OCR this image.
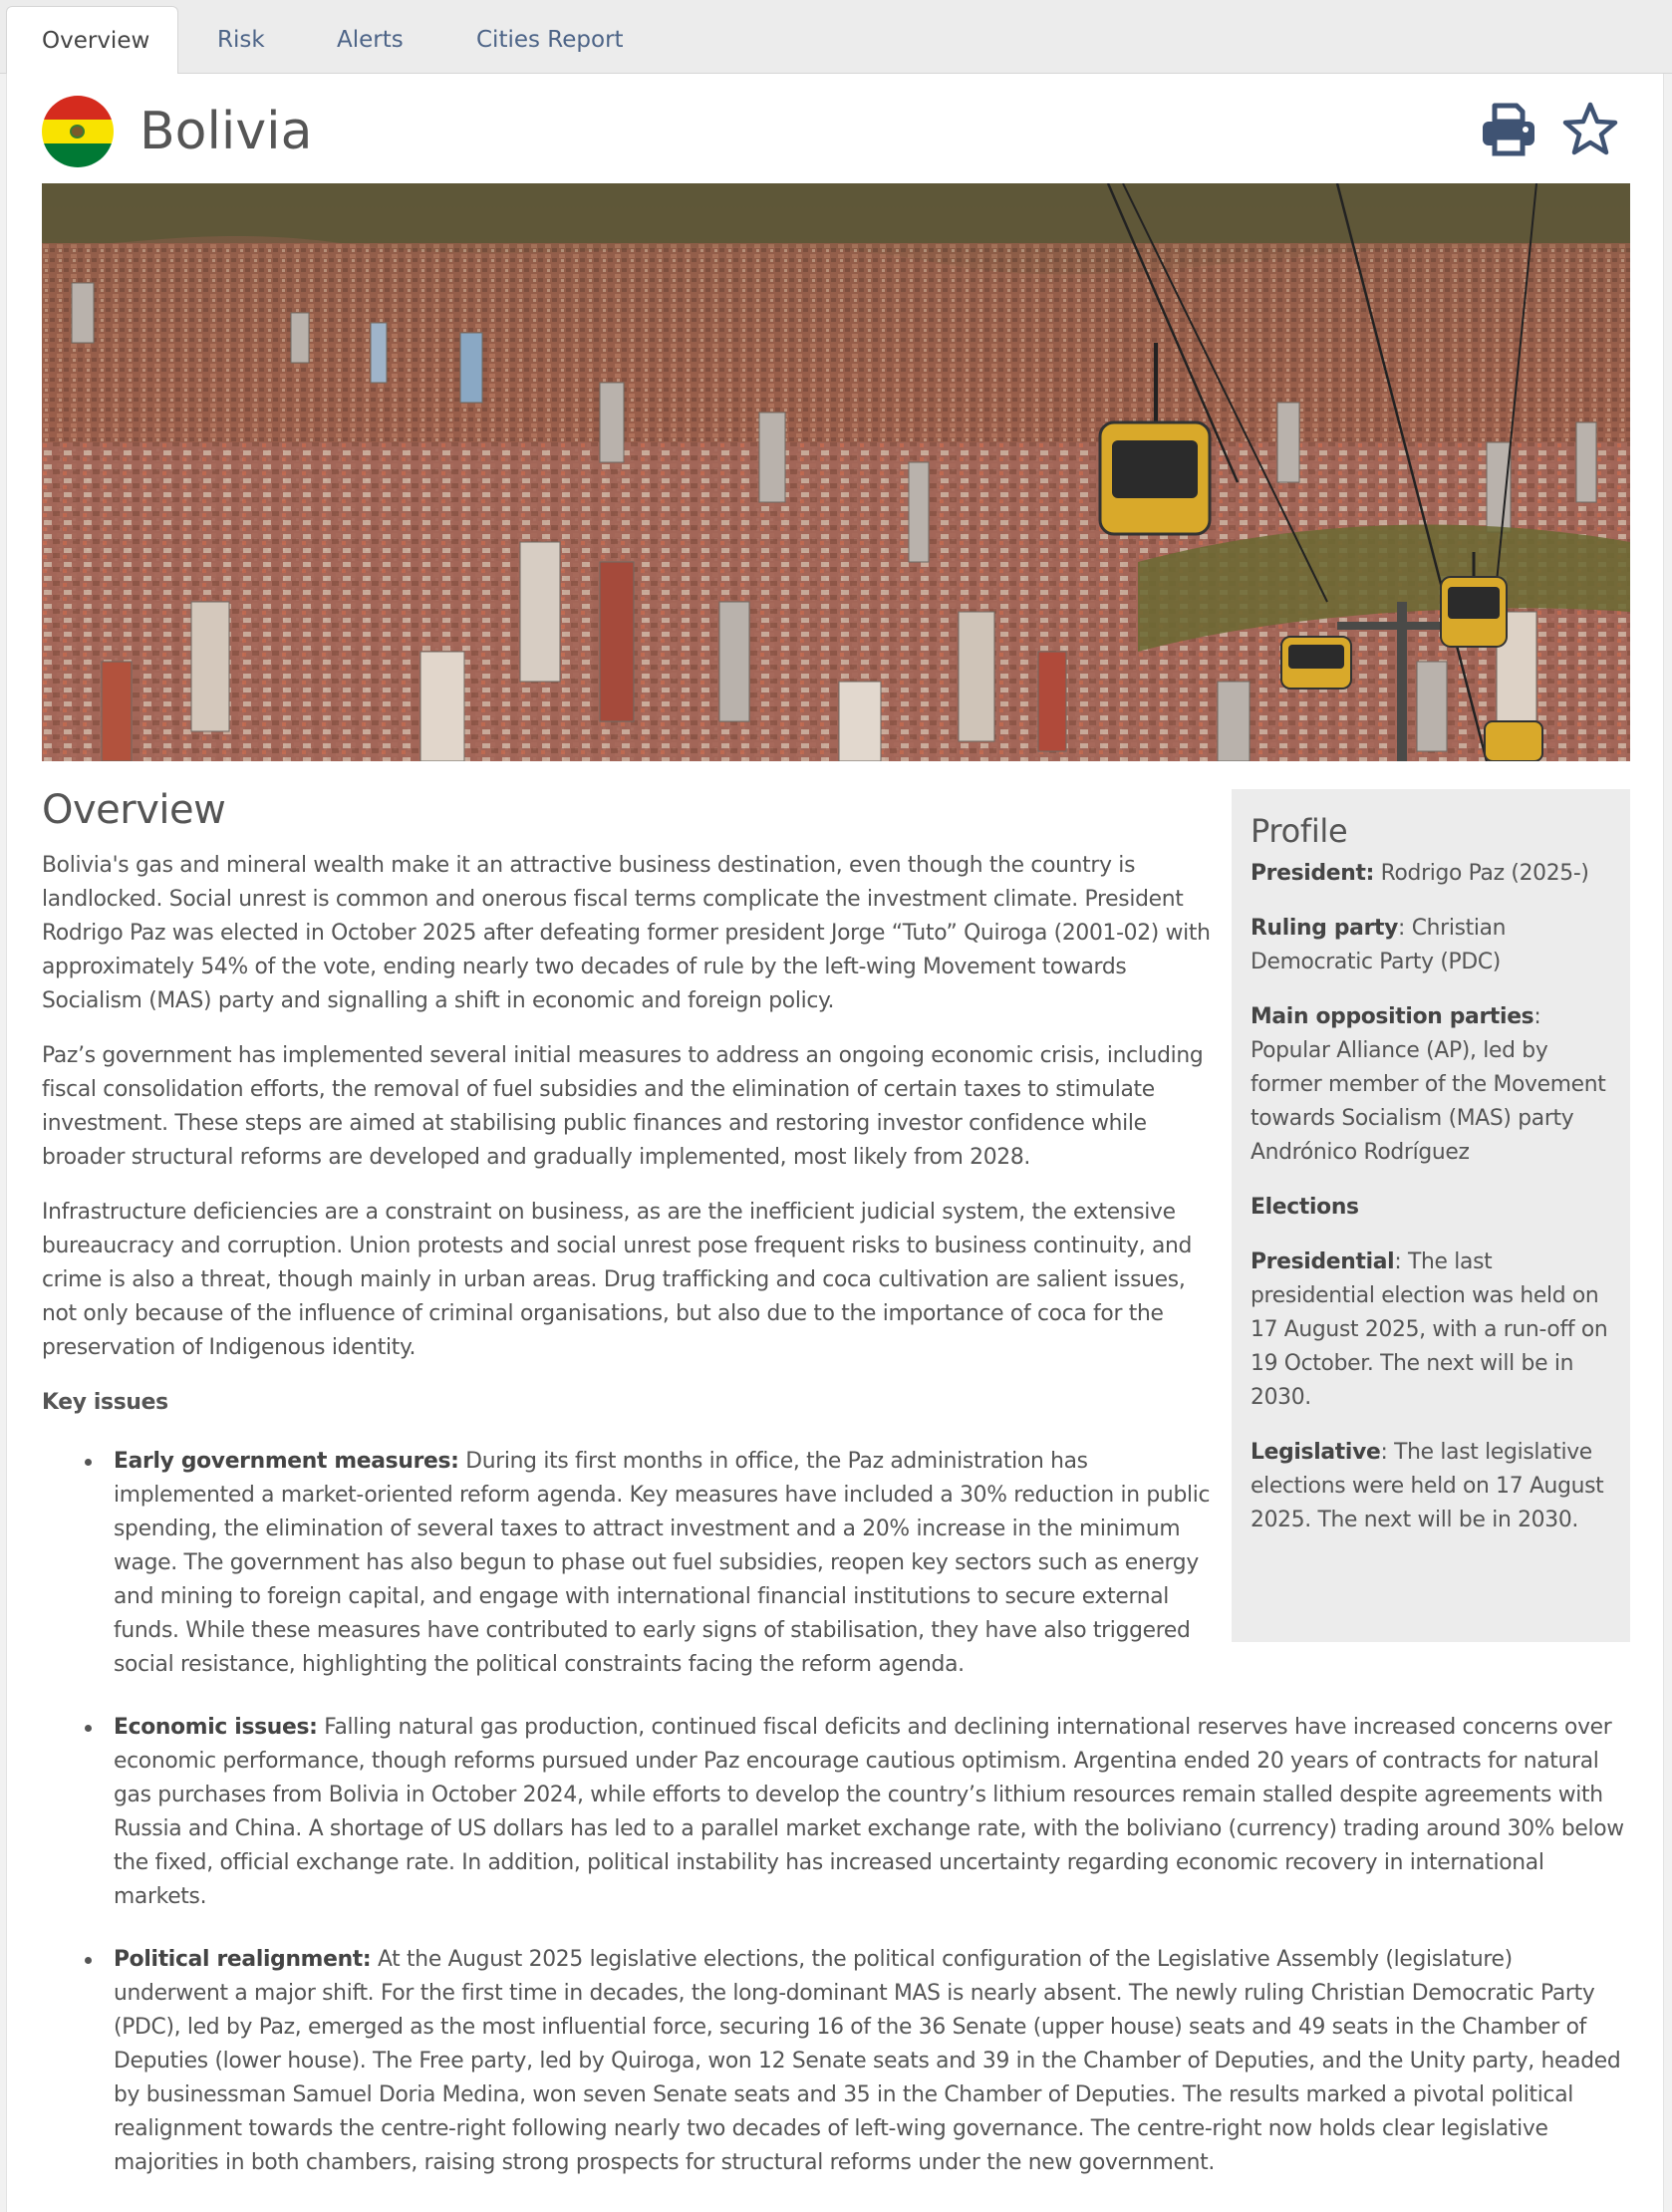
Overview	Risk	Alerts	Cities Report
Bolivia
Overview

Bolivia's gas and mineral wealth make it an attractive business destination, even though the country is landlocked. Social unrest is common and onerous fiscal terms complicate the investment climate. President Rodrigo Paz was elected in October 2025 after defeating former president Jorge “Tuto” Quiroga (2001-02) with approximately 54% of the vote, ending nearly two decades of rule by the left-wing Movement towards Socialism (MAS) party and signalling a shift in economic and foreign policy.

Paz’s government has implemented several initial measures to address an ongoing economic crisis, including fiscal consolidation efforts, the removal of fuel subsidies and the elimination of certain taxes to stimulate investment. These steps are aimed at stabilising public finances and restoring investor confidence while broader structural reforms are developed and gradually implemented, most likely from 2028.

Infrastructure deficiencies are a constraint on business, as are the inefficient judicial system, the extensive bureaucracy and corruption. Union protests and social unrest pose frequent risks to business continuity, and crime is also a threat, though mainly in urban areas. Drug trafficking and coca cultivation are salient issues, not only because of the influence of criminal organisations, but also due to the importance of coca for the preservation of Indigenous identity.

Key issues
Early government measures: During its first months in office, the Paz administration has implemented a market-oriented reform agenda. Key measures have included a 30% reduction in public spending, the elimination of several taxes to attract investment and a 20% increase in the minimum wage. The government has also begun to phase out fuel subsidies, reopen key sectors such as energy and mining to foreign capital, and engage with international financial institutions to secure external funds. While these measures have contributed to early signs of stabilisation, they have also triggered social resistance, highlighting the political constraints facing the reform agenda.
Economic issues: Falling natural gas production, continued fiscal deficits and declining international reserves have increased concerns over economic performance, though reforms pursued under Paz encourage cautious optimism. Argentina ended 20 years of contracts for natural gas purchases from Bolivia in October 2024, while efforts to develop the country’s lithium resources remain stalled despite agreements with Russia and China. A shortage of US dollars has led to a parallel market exchange rate, with the boliviano (currency) trading around 30% below the fixed, official exchange rate. In addition, political instability has increased uncertainty regarding economic recovery in international markets.
Political realignment: At the August 2025 legislative elections, the political configuration of the Legislative Assembly (legislature) underwent a major shift. For the first time in decades, the long-dominant MAS is nearly absent. The newly ruling Christian Democratic Party (PDC), led by Paz, emerged as the most influential force, securing 16 of the 36 Senate (upper house) seats and 49 seats in the Chamber of Deputies (lower house). The Free party, led by Quiroga, won 12 Senate seats and 39 in the Chamber of Deputies, and the Unity party, headed by businessman Samuel Doria Medina, won seven Senate seats and 35 in the Chamber of Deputies. The results marked a pivotal political realignment towards the centre-right following nearly two decades of left-wing governance. The centre-right now holds clear legislative majorities in both chambers, raising strong prospects for structural reforms under the new government.
Profile

President: Rodrigo Paz (2025-)

Ruling party: Christian Democratic Party (PDC)

Main opposition parties: Popular Alliance (AP), led by former member of the Movement towards Socialism (MAS) party Andrónico Rodríguez

Elections

Presidential: The last presidential election was held on 17 August 2025, with a run-off on 19 October. The next will be in 2030.

Legislative: The last legislative elections were held on 17 August 2025. The next will be in 2030.
